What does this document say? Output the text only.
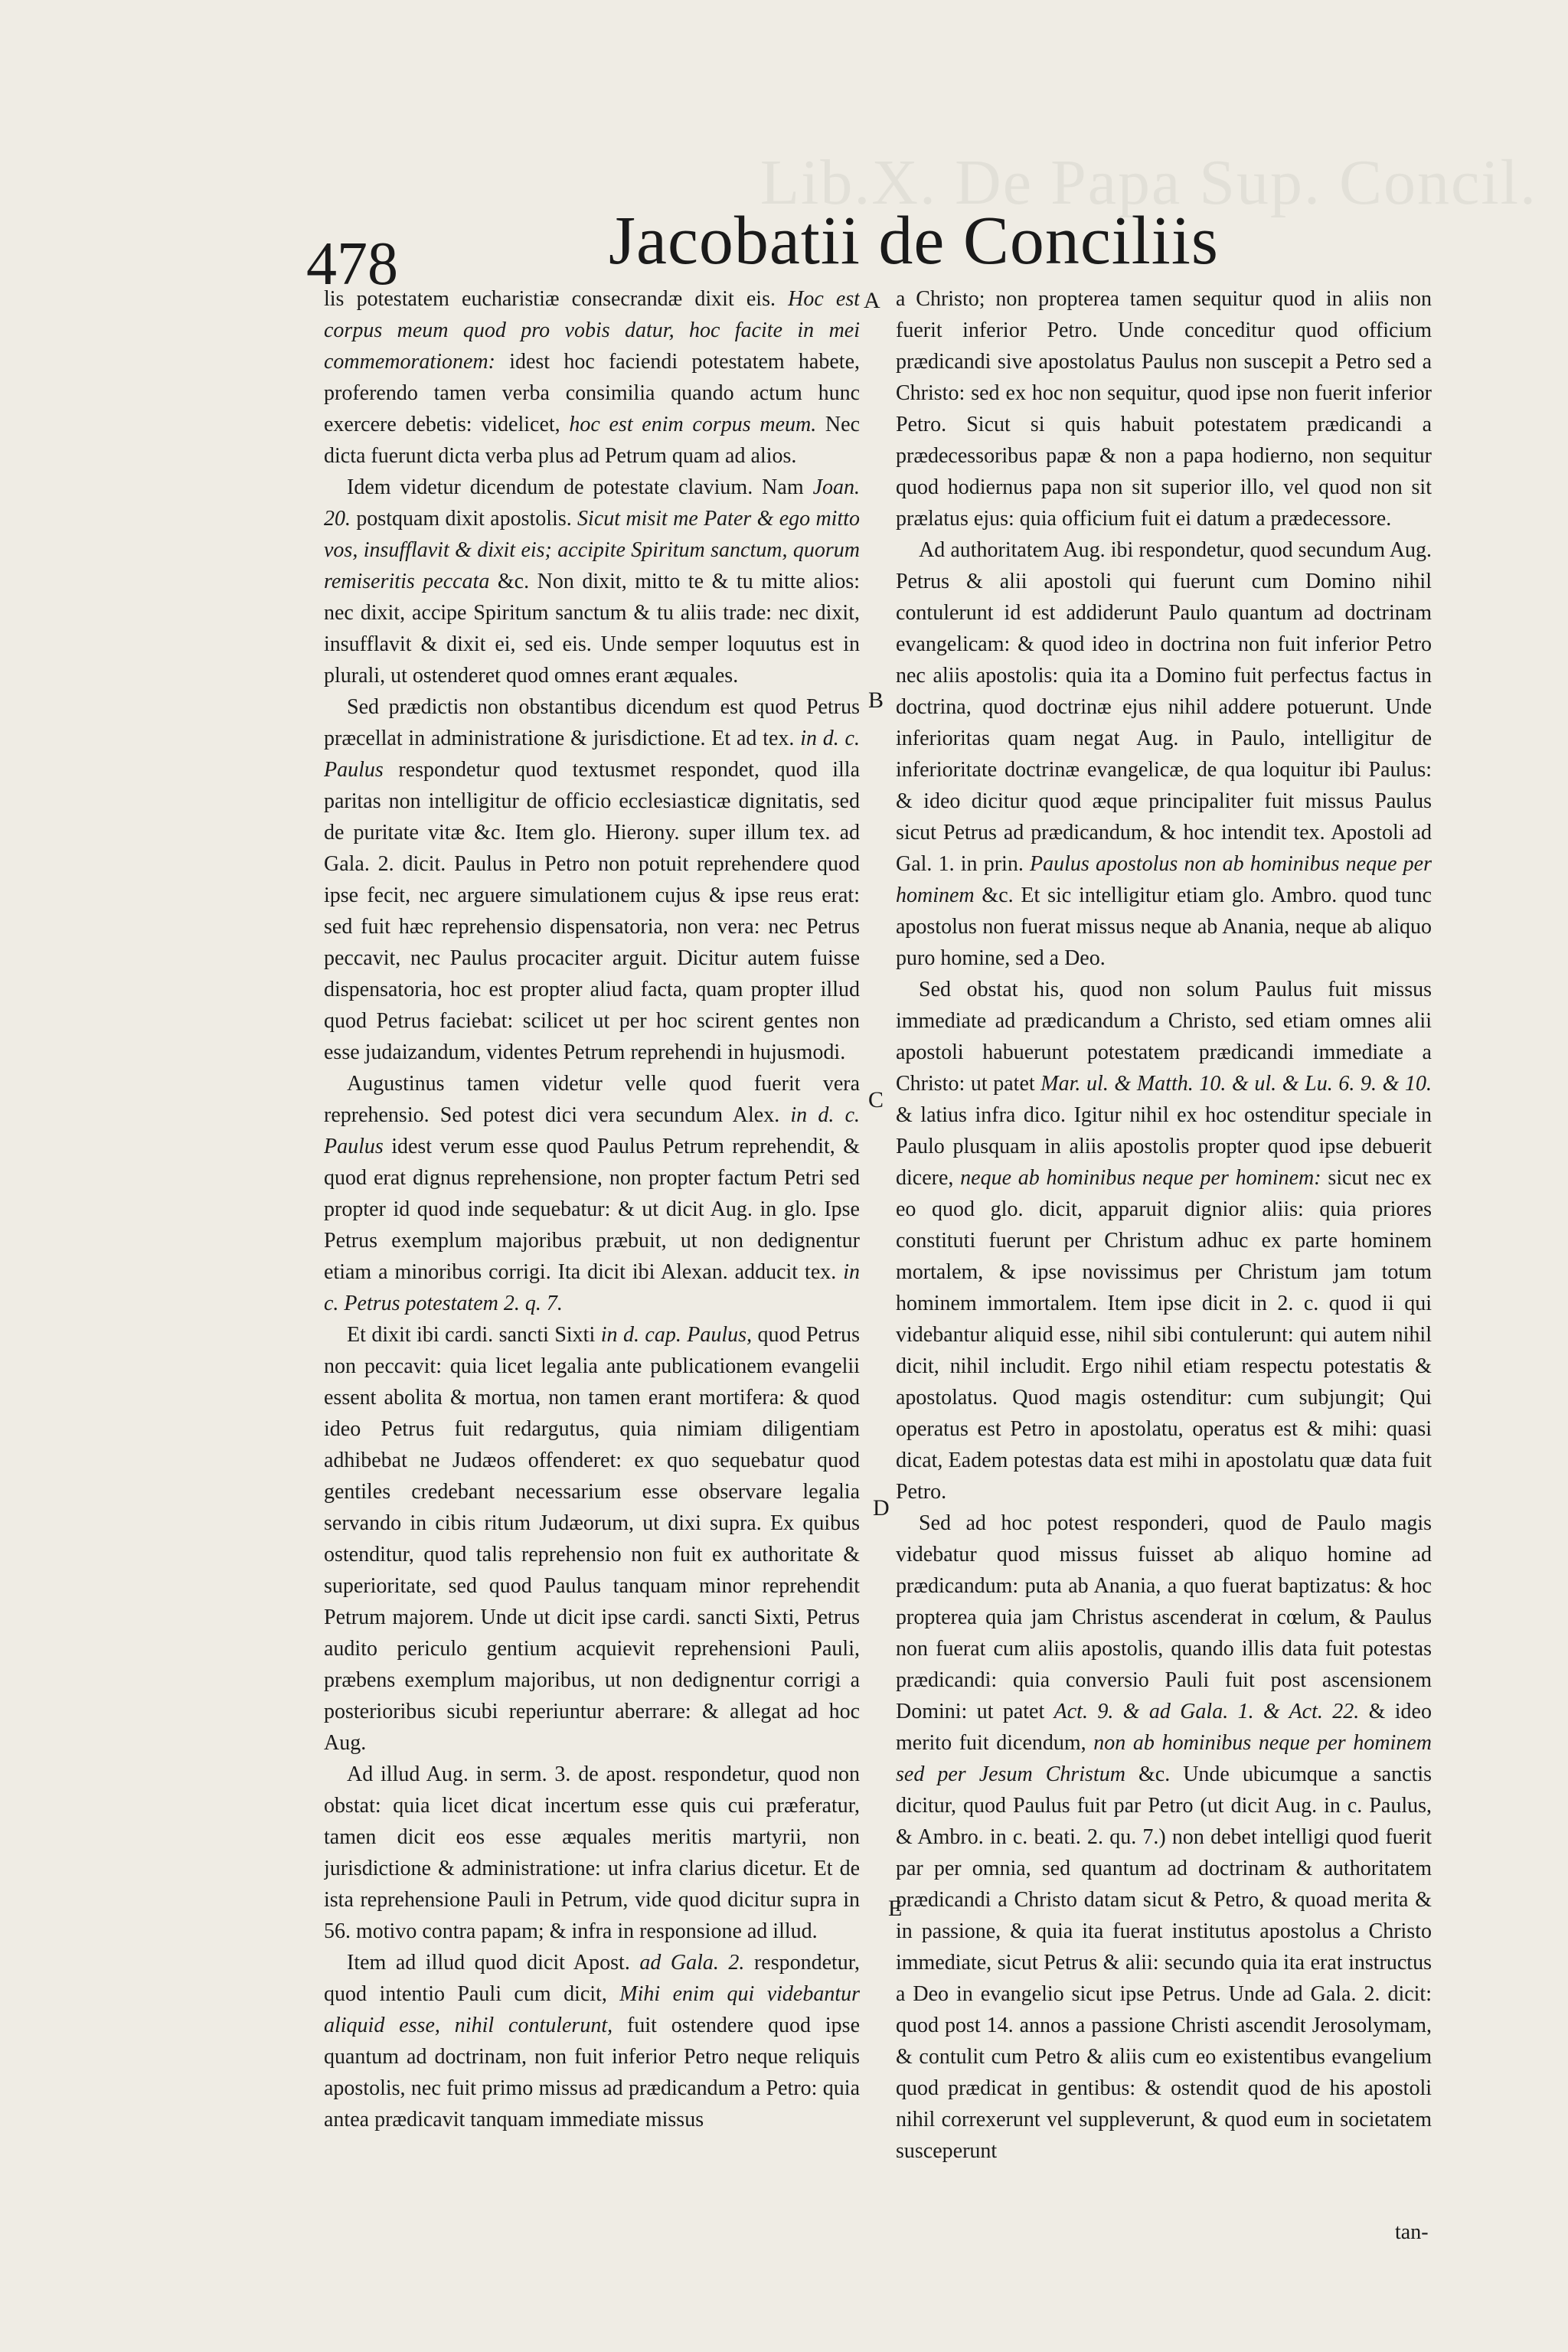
Lib.X. De Papa Sup. Concil.
478	Jacobatii de Conciliis

lis potestatem eucharistiæ consecrandæ dixit eis. Hoc est corpus meum quod pro vobis datur, hoc facite in mei commemorationem: idest hoc faciendi potestatem habete, proferendo tamen verba consimilia quando actum hunc exercere debetis: videlicet, hoc est enim corpus meum. Nec dicta fuerunt dicta verba plus ad Petrum quam ad alios.

Idem videtur dicendum de potestate clavium. Nam Joan. 20. postquam dixit apostolis. Sicut misit me Pater & ego mitto vos, insufflavit & dixit eis; accipite Spiritum sanctum, quorum remiseritis peccata &c. Non dixit, mitto te & tu mitte alios: nec dixit, accipe Spiritum sanctum & tu aliis trade: nec dixit, insufflavit & dixit ei, sed eis. Unde semper loquutus est in plurali, ut ostenderet quod omnes erant æquales.

Sed prædictis non obstantibus dicendum est quod Petrus præcellat in administratione & jurisdictione. Et ad tex. in d. c. Paulus respondetur quod textusmet respondet, quod illa paritas non intelligitur de officio ecclesiasticæ dignitatis, sed de puritate vitæ &c. Item glo. Hierony. super illum tex. ad Gala. 2. dicit. Paulus in Petro non potuit reprehendere quod ipse fecit, nec arguere simulationem cujus & ipse reus erat: sed fuit hæc reprehensio dispensatoria, non vera: nec Petrus peccavit, nec Paulus procaciter arguit. Dicitur autem fuisse dispensatoria, hoc est propter aliud facta, quam propter illud quod Petrus faciebat: scilicet ut per hoc scirent gentes non esse judaizandum, videntes Petrum reprehendi in hujusmodi.

Augustinus tamen videtur velle quod fuerit vera reprehensio. Sed potest dici vera secundum Alex. in d. c. Paulus idest verum esse quod Paulus Petrum reprehendit, & quod erat dignus reprehensione, non propter factum Petri sed propter id quod inde sequebatur: & ut dicit Aug. in glo. Ipse Petrus exemplum majoribus præbuit, ut non dedignentur etiam a minoribus corrigi. Ita dicit ibi Alexan. adducit tex. in c. Petrus potestatem 2. q. 7.

Et dixit ibi cardi. sancti Sixti in d. cap. Paulus, quod Petrus non peccavit: quia licet legalia ante publicationem evangelii essent abolita & mortua, non tamen erant mortifera: & quod ideo Petrus fuit redargutus, quia nimiam diligentiam adhibebat ne Judæos offenderet: ex quo sequebatur quod gentiles credebant necessarium esse observare legalia servando in cibis ritum Judæorum, ut dixi supra. Ex quibus ostenditur, quod talis reprehensio non fuit ex authoritate & superioritate, sed quod Paulus tanquam minor reprehendit Petrum majorem. Unde ut dicit ipse cardi. sancti Sixti, Petrus audito periculo gentium acquievit reprehensioni Pauli, præbens exemplum majoribus, ut non dedignentur corrigi a posterioribus sicubi reperiuntur aberrare: & allegat ad hoc Aug.

Ad illud Aug. in serm. 3. de apost. respondetur, quod non obstat: quia licet dicat incertum esse quis cui præferatur, tamen dicit eos esse æquales meritis martyrii, non jurisdictione & administratione: ut infra clarius dicetur. Et de ista reprehensione Pauli in Petrum, vide quod dicitur supra in 56. motivo contra papam; & infra in responsione ad illud.

Item ad illud quod dicit Apost. ad Gala. 2. respondetur, quod intentio Pauli cum dicit, Mihi enim qui videbantur aliquid esse, nihil contulerunt, fuit ostendere quod ipse quantum ad doctrinam, non fuit inferior Petro neque reliquis apostolis, nec fuit primo missus ad prædicandum a Petro: quia antea prædicavit tanquam immediate missus

a Christo; non propterea tamen sequitur quod in aliis non fuerit inferior Petro. Unde conceditur quod officium prædicandi sive apostolatus Paulus non suscepit a Petro sed a Christo: sed ex hoc non sequitur, quod ipse non fuerit inferior Petro. Sicut si quis habuit potestatem prædicandi a prædecessoribus papæ & non a papa hodierno, non sequitur quod hodiernus papa non sit superior illo, vel quod non sit prælatus ejus: quia officium fuit ei datum a prædecessore.

Ad authoritatem Aug. ibi respondetur, quod secundum Aug. Petrus & alii apostoli qui fuerunt cum Domino nihil contulerunt id est addiderunt Paulo quantum ad doctrinam evangelicam: & quod ideo in doctrina non fuit inferior Petro nec aliis apostolis: quia ita a Domino fuit perfectus factus in doctrina, quod doctrinæ ejus nihil addere potuerunt. Unde inferioritas quam negat Aug. in Paulo, intelligitur de inferioritate doctrinæ evangelicæ, de qua loquitur ibi Paulus: & ideo dicitur quod æque principaliter fuit missus Paulus sicut Petrus ad prædicandum, & hoc intendit tex. Apostoli ad Gal. 1. in prin. Paulus apostolus non ab hominibus neque per hominem &c. Et sic intelligitur etiam glo. Ambro. quod tunc apostolus non fuerat missus neque ab Anania, neque ab aliquo puro homine, sed a Deo.

Sed obstat his, quod non solum Paulus fuit missus immediate ad prædicandum a Christo, sed etiam omnes alii apostoli habuerunt potestatem prædicandi immediate a Christo: ut patet Mar. ul. & Matth. 10. & ul. & Lu. 6. 9. & 10. & latius infra dico. Igitur nihil ex hoc ostenditur speciale in Paulo plusquam in aliis apostolis propter quod ipse debuerit dicere, neque ab hominibus neque per hominem: sicut nec ex eo quod glo. dicit, apparuit dignior aliis: quia priores constituti fuerunt per Christum adhuc ex parte hominem mortalem, & ipse novissimus per Christum jam totum hominem immortalem. Item ipse dicit in 2. c. quod ii qui videbantur aliquid esse, nihil sibi contulerunt: qui autem nihil dicit, nihil includit. Ergo nihil etiam respectu potestatis & apostolatus. Quod magis ostenditur: cum subjungit; Qui operatus est Petro in apostolatu, operatus est & mihi: quasi dicat, Eadem potestas data est mihi in apostolatu quæ data fuit Petro.

Sed ad hoc potest responderi, quod de Paulo magis videbatur quod missus fuisset ab aliquo homine ad prædicandum: puta ab Anania, a quo fuerat baptizatus: & hoc propterea quia jam Christus ascenderat in cœlum, & Paulus non fuerat cum aliis apostolis, quando illis data fuit potestas prædicandi: quia conversio Pauli fuit post ascensionem Domini: ut patet Act. 9. & ad Gala. 1. & Act. 22. & ideo merito fuit dicendum, non ab hominibus neque per hominem sed per Jesum Christum &c. Unde ubicumque a sanctis dicitur, quod Paulus fuit par Petro (ut dicit Aug. in c. Paulus, & Ambro. in c. beati. 2. qu. 7.) non debet intelligi quod fuerit par per omnia, sed quantum ad doctrinam & authoritatem prædicandi a Christo datam sicut & Petro, & quoad merita & in passione, & quia ita fuerat institutus apostolus a Christo immediate, sicut Petrus & alii: secundo quia ita erat instructus a Deo in evangelio sicut ipse Petrus. Unde ad Gala. 2. dicit: quod post 14. annos a passione Christi ascendit Jerosolymam, & contulit cum Petro & aliis cum eo existentibus evangelium quod prædicat in gentibus: & ostendit quod de his apostoli nihil correxerunt vel suppleverunt, & quod eum in societatem susceperunt

A
B
C
D
E
tan-
